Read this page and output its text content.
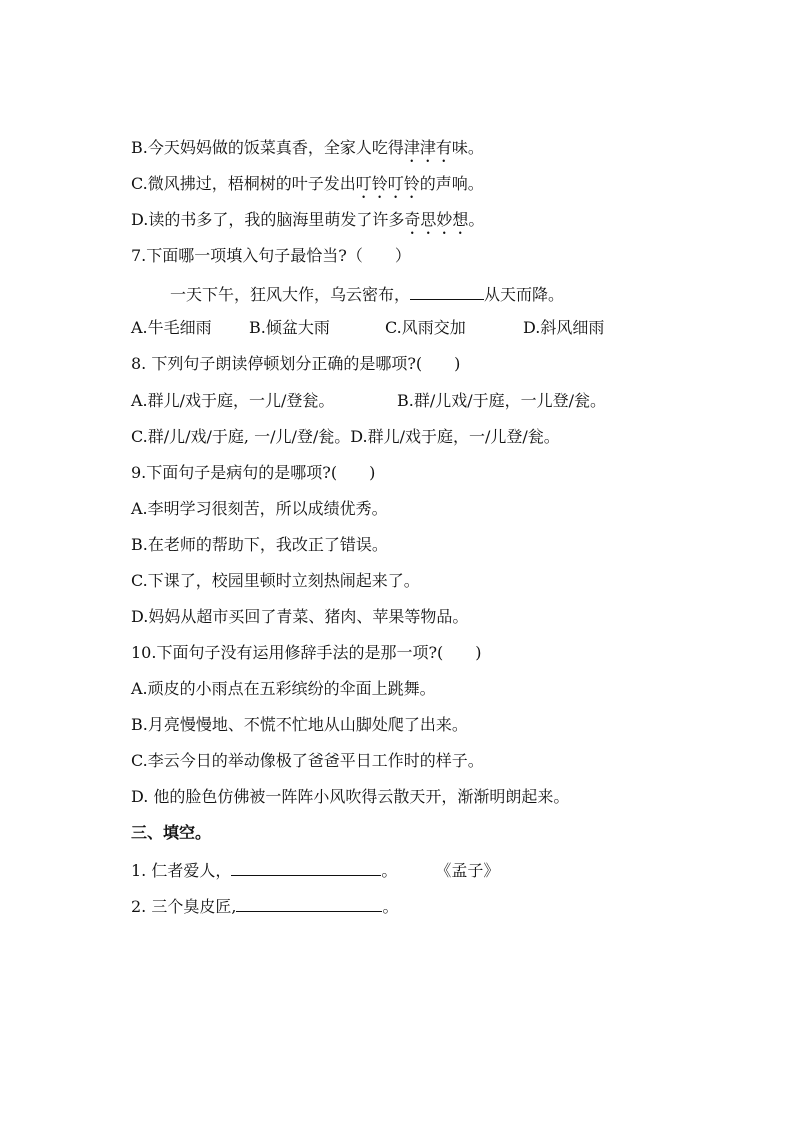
B.今天妈妈做的饭菜真香，全家人吃得津津有味。
C.微风拂过，梧桐树的叶子发出叮铃叮铃的声响。
D.读的书多了，我的脑海里萌发了许多奇思妙想。
7.下面哪一项填入句子最恰当?（　　）
一天下午，狂风大作，乌云密布，	从天而降。
A.牛毛细雨 B.倾盆大雨	C.风雨交加	D.斜风细雨
8. 下列句子朗读停顿划分正确的是哪项?(　　)
A.群儿/戏于庭，一儿/登瓮。	B.群/儿戏/于庭，一儿登/瓮。
C.群/儿/戏/于庭, 一/儿/登/瓮。D.群儿/戏于庭，一/儿登/瓮。
9.下面句子是病句的是哪项?(　　)
A.李明学习很刻苦，所以成绩优秀。
B.在老师的帮助下，我改正了错误。
C.下课了，校园里顿时立刻热闹起来了。
D.妈妈从超市买回了青菜、猪肉、苹果等物品。
10.下面句子没有运用修辞手法的是那一项?(　　)
A.顽皮的小雨点在五彩缤纷的伞面上跳舞。
B.月亮慢慢地、不慌不忙地从山脚处爬了出来。
C.李云今日的举动像极了爸爸平日工作时的样子。
D. 他的脸色仿佛被一阵阵小风吹得云散天开，渐渐明朗起来。
三、填空。
1. 仁者爱人，	。 《孟子》
2. 三个臭皮匠,	。
